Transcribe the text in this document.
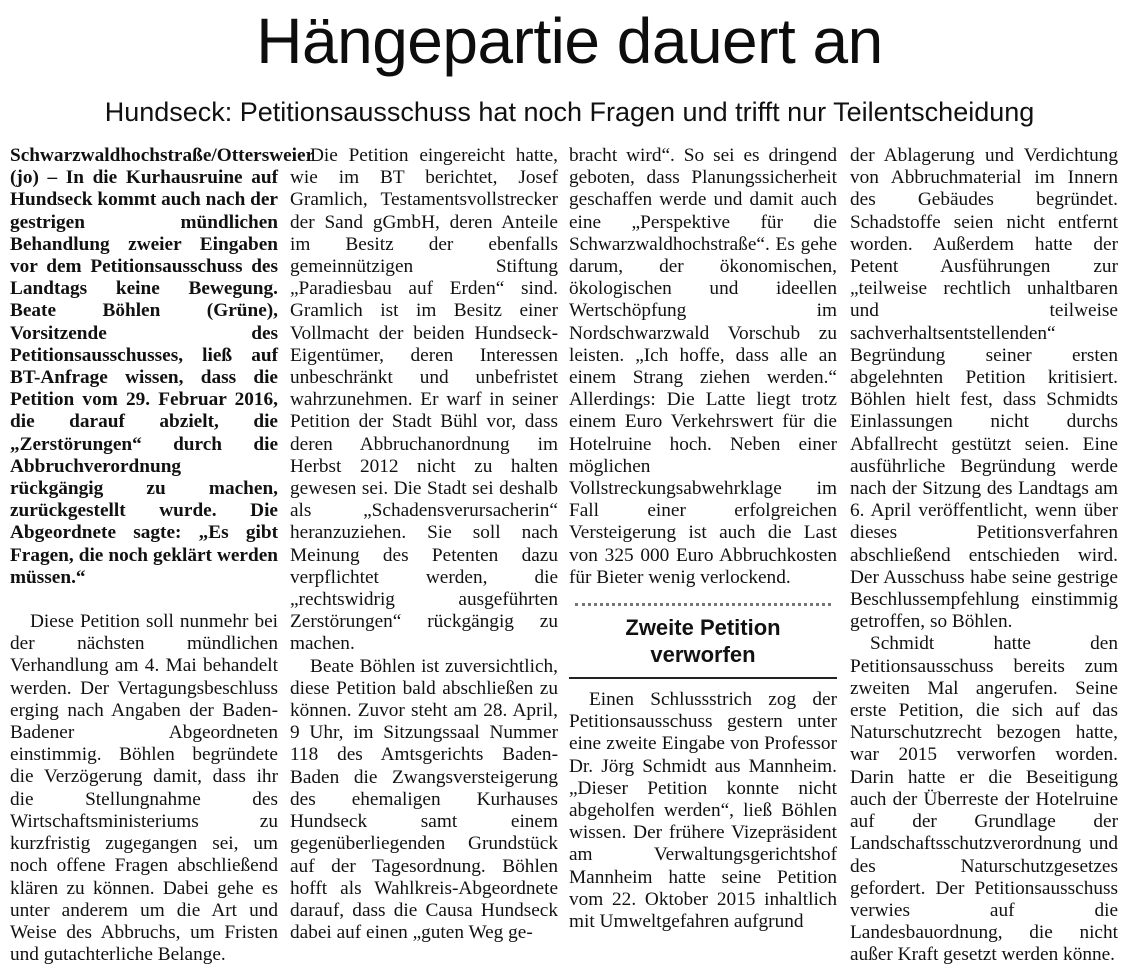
Hängepartie dauert an
Hundseck: Petitionsausschuss hat noch Fragen und trifft nur Teilentscheidung

Schwarzwaldhochstraße/Ottersweier (jo) – In die Kurhausruine auf Hundseck kommt auch nach der gestrigen mündlichen Behandlung zweier Eingaben vor dem Petitionsausschuss des Landtags keine Bewegung. Beate Böhlen (Grüne), Vorsitzende des Petitionsausschusses, ließ auf BT-Anfrage wissen, dass die Petition vom 29. Februar 2016, die darauf abzielt, die „Zerstörungen“ durch die Abbruchverordnung rückgängig zu machen, zurückgestellt wurde. Die Abgeordnete sagte: „Es gibt Fragen, die noch geklärt werden müssen.“

Diese Petition soll nunmehr bei der nächsten mündlichen Verhandlung am 4. Mai behandelt werden. Der Vertagungsbeschluss erging nach Angaben der Baden-Badener Abgeordneten einstimmig. Böhlen begründete die Verzögerung damit, dass ihr die Stellungnahme des Wirtschaftsministeriums zu kurzfristig zugegangen sei, um noch offene Fragen abschließend klären zu können. Dabei gehe es unter anderem um die Art und Weise des Abbruchs, um Fristen und gutachterliche Belange.

Die Petition eingereicht hatte, wie im BT berichtet, Josef Gramlich, Testamentsvollstrecker der Sand gGmbH, deren Anteile im Besitz der ebenfalls gemeinnützigen Stiftung „Paradiesbau auf Erden“ sind. Gramlich ist im Besitz einer Vollmacht der beiden Hundseck-Eigentümer, deren Interessen unbeschränkt und unbefristet wahrzunehmen. Er warf in seiner Petition der Stadt Bühl vor, dass deren Abbruchanordnung im Herbst 2012 nicht zu halten gewesen sei. Die Stadt sei deshalb als „Schadensverursacherin“ heranzuziehen. Sie soll nach Meinung des Petenten dazu verpflichtet werden, die „rechtswidrig ausgeführten Zerstörungen“ rückgängig zu machen.

Beate Böhlen ist zuversichtlich, diese Petition bald abschließen zu können. Zuvor steht am 28. April, 9 Uhr, im Sitzungssaal Nummer 118 des Amtsgerichts Baden-Baden die Zwangsversteigerung des ehemaligen Kurhauses Hundseck samt einem gegenüberliegenden Grundstück auf der Tagesordnung. Böhlen hofft als Wahlkreis-Abgeordnete darauf, dass die Causa Hundseck dabei auf einen „guten Weg ge-

bracht wird“. So sei es dringend geboten, dass Planungssicherheit geschaffen werde und damit auch eine „Perspektive für die Schwarzwaldhochstraße“. Es gehe darum, der ökonomischen, ökologischen und ideellen Wertschöpfung im Nordschwarzwald Vorschub zu leisten. „Ich hoffe, dass alle an einem Strang ziehen werden.“ Allerdings: Die Latte liegt trotz einem Euro Verkehrswert für die Hotelruine hoch. Neben einer möglichen Vollstreckungsabwehrklage im Fall einer erfolgreichen Versteigerung ist auch die Last von 325 000 Euro Abbruchkosten für Bieter wenig verlockend.

Zweite Petition verworfen

Einen Schlussstrich zog der Petitionsausschuss gestern unter eine zweite Eingabe von Professor Dr. Jörg Schmidt aus Mannheim. „Dieser Petition konnte nicht abgeholfen werden“, ließ Böhlen wissen. Der frühere Vizepräsident am Verwaltungsgerichtshof Mannheim hatte seine Petition vom 22. Oktober 2015 inhaltlich mit Umweltgefahren aufgrund

der Ablagerung und Verdichtung von Abbruchmaterial im Innern des Gebäudes begründet. Schadstoffe seien nicht entfernt worden. Außerdem hatte der Petent Ausführungen zur „teilweise rechtlich unhaltbaren und teilweise sachverhaltsentstellenden“ Begründung seiner ersten abgelehnten Petition kritisiert. Böhlen hielt fest, dass Schmidts Einlassungen nicht durchs Abfallrecht gestützt seien. Eine ausführliche Begründung werde nach der Sitzung des Landtags am 6. April veröffentlicht, wenn über dieses Petitionsverfahren abschließend entschieden wird. Der Ausschuss habe seine gestrige Beschlussempfehlung einstimmig getroffen, so Böhlen.

Schmidt hatte den Petitionsausschuss bereits zum zweiten Mal angerufen. Seine erste Petition, die sich auf das Naturschutzrecht bezogen hatte, war 2015 verworfen worden. Darin hatte er die Beseitigung auch der Überreste der Hotelruine auf der Grundlage der Landschaftsschutzverordnung und des Naturschutzgesetzes gefordert. Der Petitionsausschuss verwies auf die Landesbauordnung, die nicht außer Kraft gesetzt werden könne.
